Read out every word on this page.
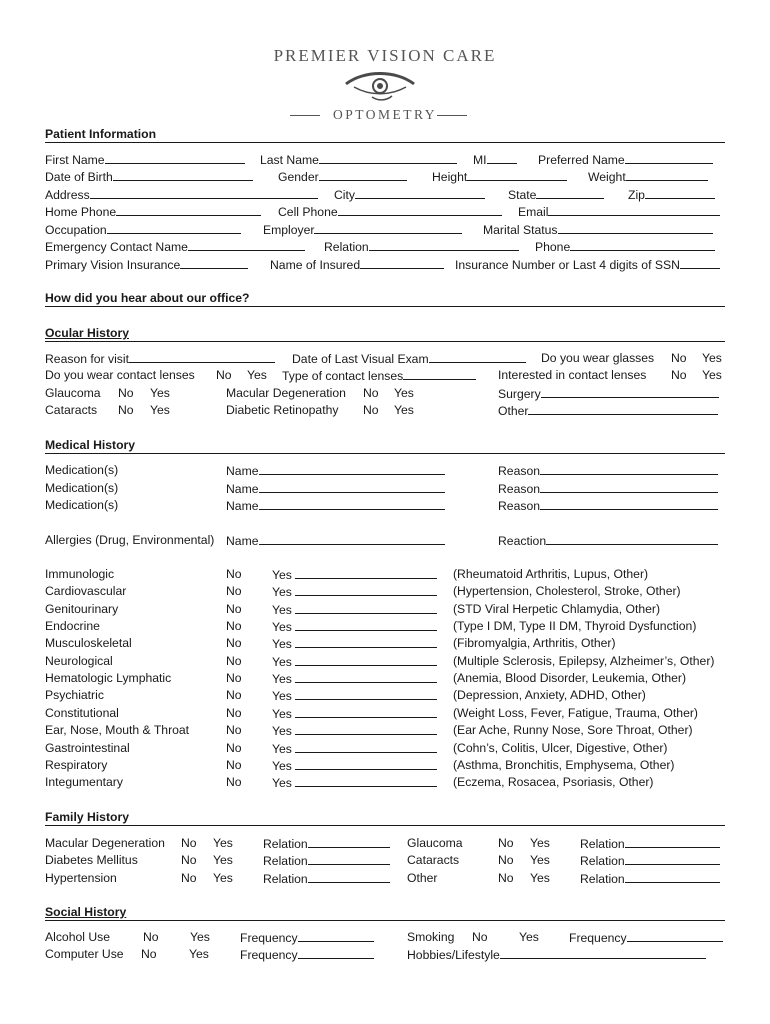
PREMIER VISION CARE
OPTOMETRY
Patient Information
First Name	Last Name	MI	Preferred Name
Date of Birth	Gender	Height	Weight
Address	City	State	Zip
Home Phone	Cell Phone	Email
Occupation	Employer	Marital Status
Emergency Contact Name	Relation	Phone
Primary Vision Insurance	Name of Insured	Insurance Number or Last 4 digits of SSN
How did you hear about our office?
Ocular History
Reason for visit	Date of Last Visual Exam	Do you wear glasses No Yes
Do you wear contact lenses No Yes Type of contact lenses	Interested in contact lenses No Yes
Glaucoma No Yes	Macular Degeneration No Yes	Surgery
Cataracts No Yes	Diabetic Retinopathy No Yes	Other
Medical History
Medication(s)	Name	Reason
Medication(s)	Name	Reason
Medication(s)	Name	Reason
Allergies (Drug, Environmental) Name	Reaction
Immunologic	No Yes	(Rheumatoid Arthritis, Lupus, Other)
Cardiovascular	No Yes	(Hypertension, Cholesterol, Stroke, Other)
Genitourinary	No Yes	(STD Viral Herpetic Chlamydia, Other)
Endocrine	No Yes	(Type I DM, Type II DM, Thyroid Dysfunction)
Musculoskeletal	No Yes	(Fibromyalgia, Arthritis, Other)
Neurological	No Yes	(Multiple Sclerosis, Epilepsy, Alzheimer’s, Other)
Hematologic Lymphatic	No Yes	(Anemia, Blood Disorder, Leukemia, Other)
Psychiatric	No Yes	(Depression, Anxiety, ADHD, Other)
Constitutional	No Yes	(Weight Loss, Fever, Fatigue, Trauma, Other)
Ear, Nose, Mouth & Throat	No Yes	(Ear Ache, Runny Nose, Sore Throat, Other)
Gastrointestinal	No Yes	(Cohn’s, Colitis, Ulcer, Digestive, Other)
Respiratory	No Yes	(Asthma, Bronchitis, Emphysema, Other)
Integumentary	No Yes	(Eczema, Rosacea, Psoriasis, Other)
Family History
Macular Degeneration No Yes Relation	Glaucoma	No Yes Relation
Diabetes Mellitus	No Yes Relation	Cataracts	No Yes Relation
Hypertension	No Yes Relation	Other	No Yes Relation
Social History
Alcohol Use	No	Yes Frequency	Smoking No	Yes Frequency
Computer Use No	Yes	Frequency	Hobbies/Lifestyle
